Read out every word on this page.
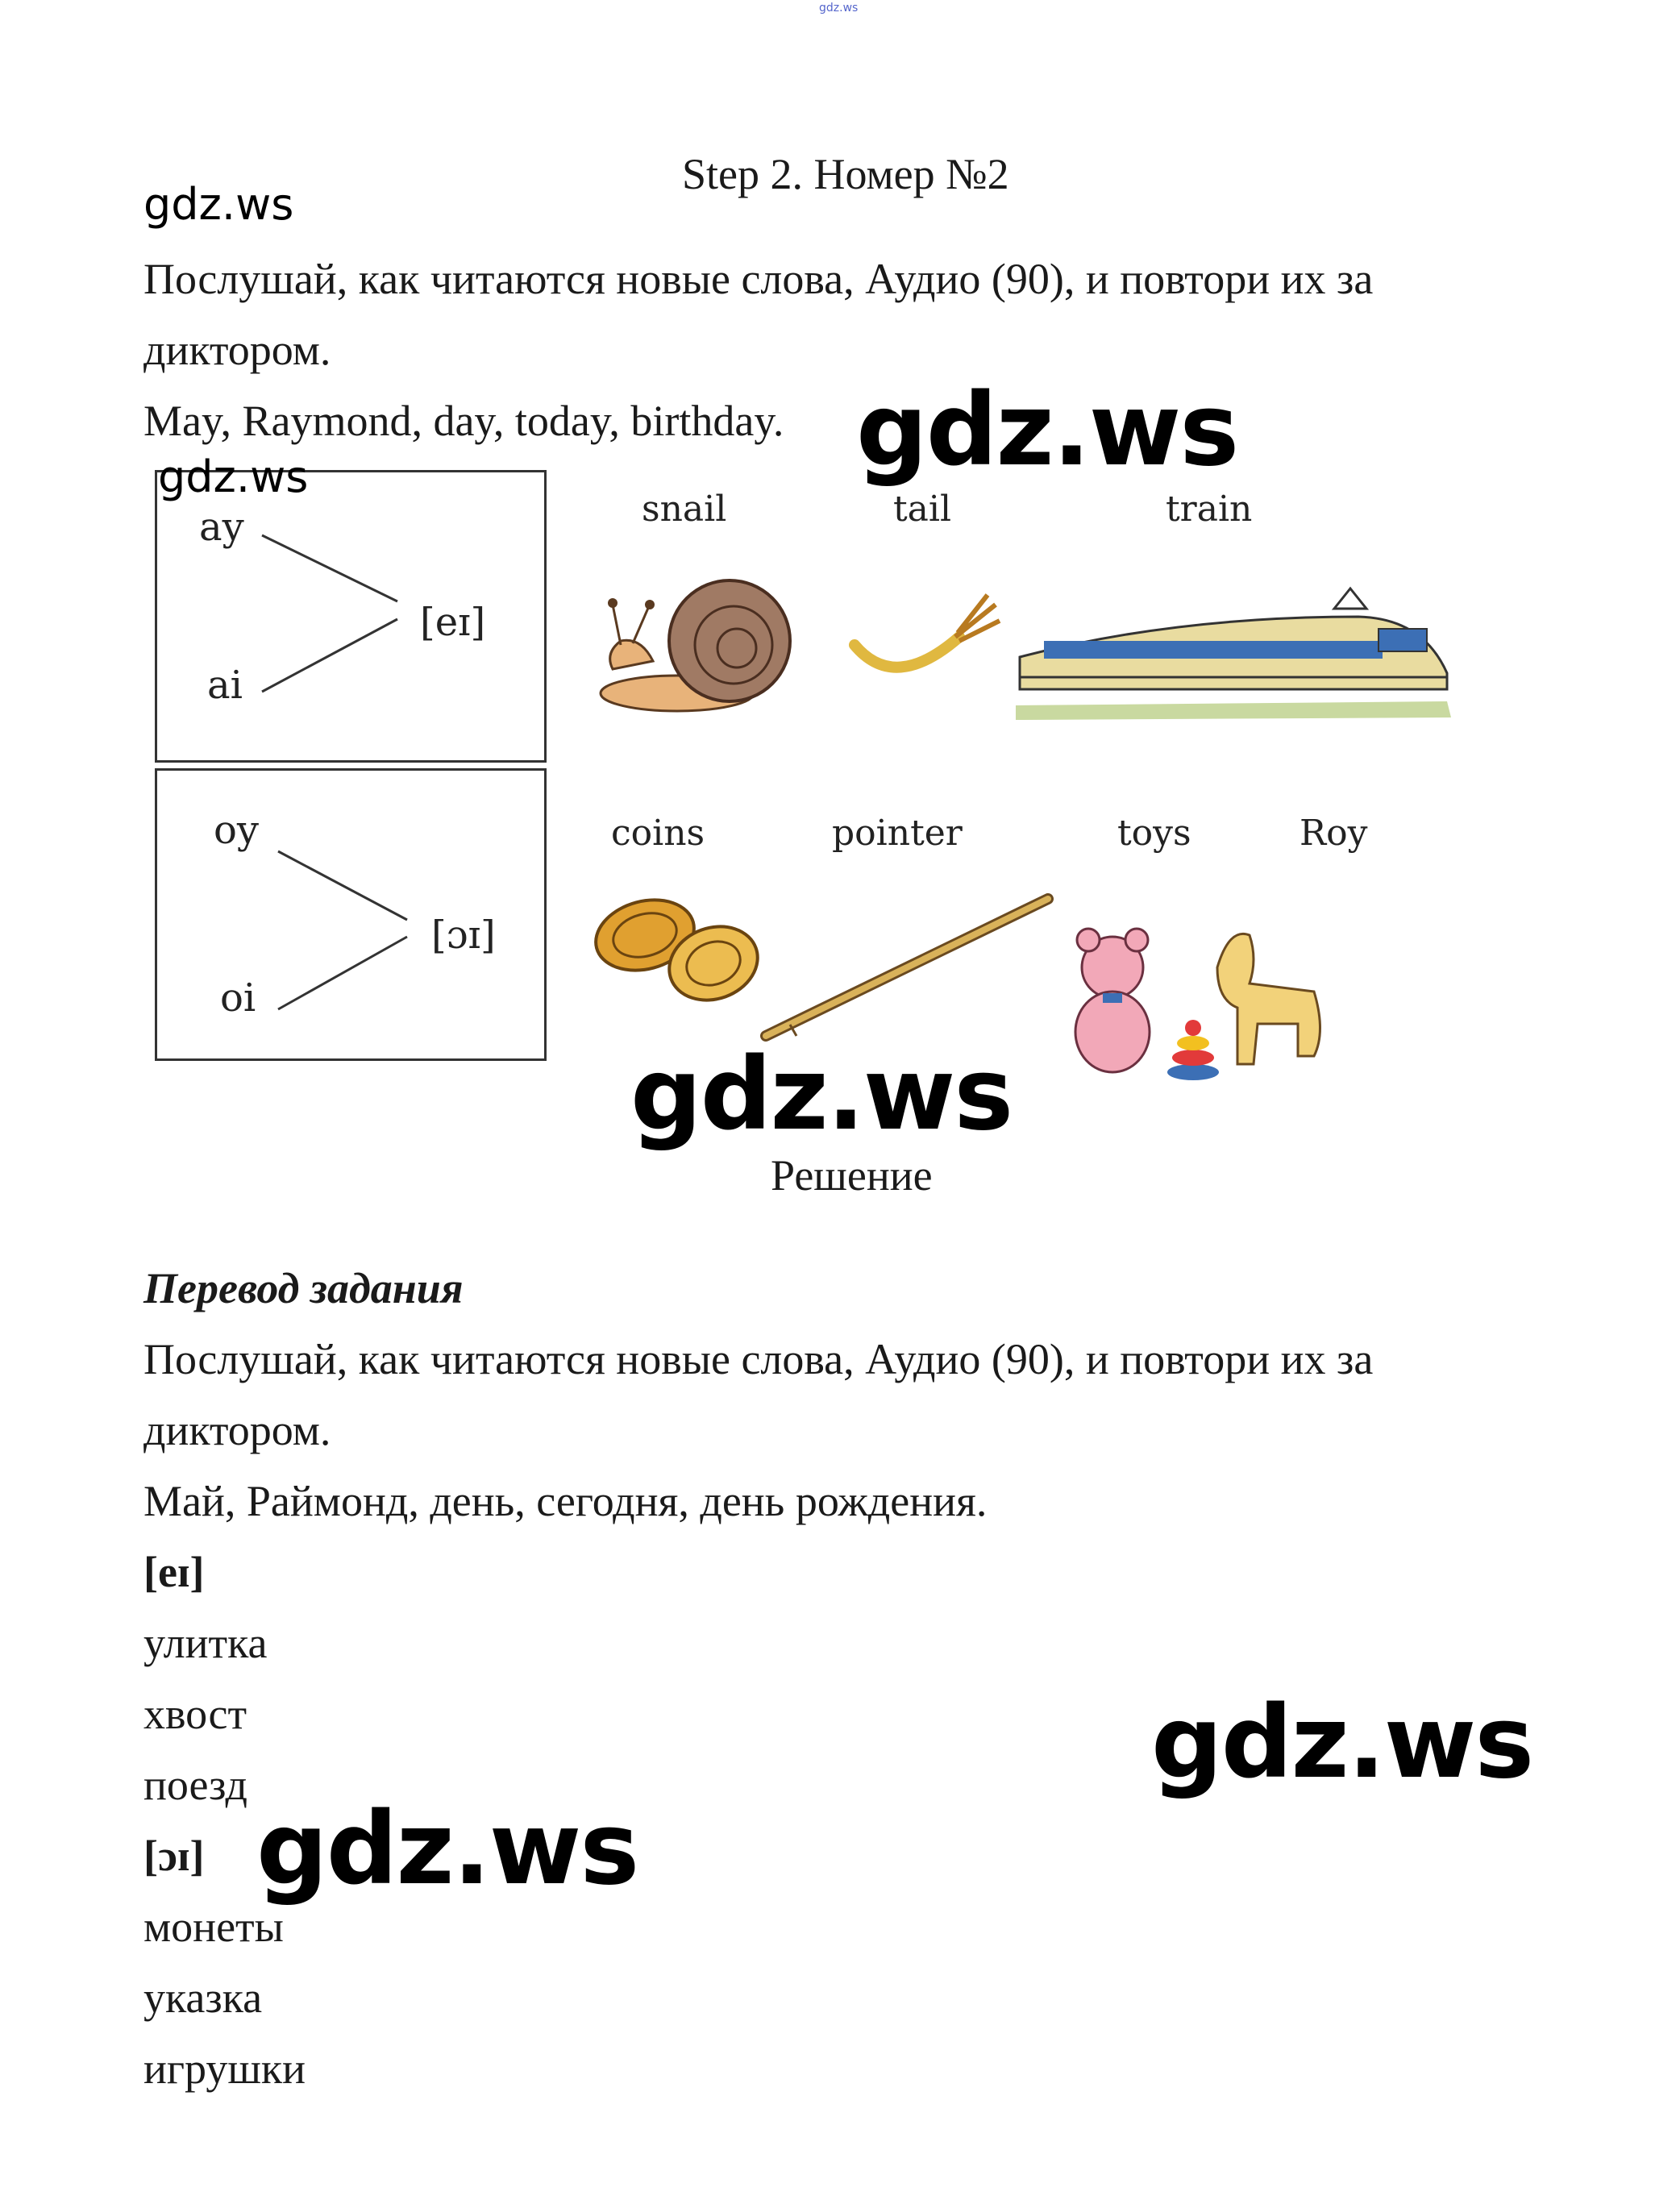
gdz.ws
Step 2. Номер №2
gdz.ws
Послушай, как читаются новые слова, Аудио (90), и повтори их за
диктором.
May, Raymond, day, today, birthday. gdz.ws
ay
ai
[eɪ]
oy
oi
[ɔɪ]
gdz.ws
snail	tail	train
coins	pointer	toys	Roy
gdz.ws
Решение
Перевод задания
Послушай, как читаются новые слова, Аудио (90), и повтори их за
диктором.
Май, Раймонд, день, сегодня, день рождения.
[eɪ]
улитка
хвост
поезд
[ɔɪ]
монеты
указка
игрушки
gdz.ws
gdz.ws
